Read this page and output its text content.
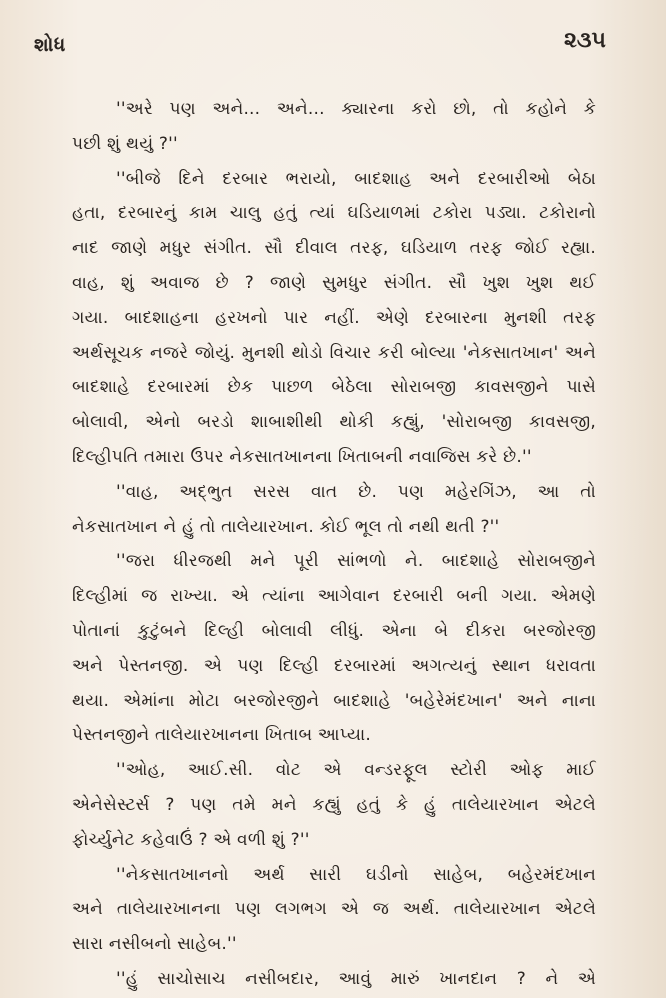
શોધ	૨૩૫
''અરે પણ અને... અને... ક્યારના કરો છો, તો કહોને કે
પછી શું થયું ?''
''બીજે દિને દરબાર ભરાયો, બાદશાહ અને દરબારીઓ બેઠા
હતા, દરબારનું કામ ચાલુ હતું ત્યાં ઘડિયાળમાં ટકોરા પડ્યા. ટકોરાનો
નાદ જાણે મધુર સંગીત. સૌ દીવાલ તરફ, ઘડિયાળ તરફ જોઈ રહ્યા.
વાહ, શું અવાજ છે ? જાણે સુમધુર સંગીત. સૌ ખુશ ખુશ થઈ
ગયા. બાદશાહના હરખનો પાર નહીં. એણે દરબારના મુનશી તરફ
અર્થસૂચક નજરે જોયું. મુનશી થોડો વિચાર કરી બોલ્યા 'નેકસાતખાન' અને
બાદશાહે દરબારમાં છેક પાછળ બેઠેલા સોરાબજી કાવસજીને પાસે
બોલાવી, એનો બરડો શાબાશીથી થોકી કહ્યું, 'સોરાબજી કાવસજી,
દિલ્હીપતિ તમારા ઉપર નેકસાતખાનના ખિતાબની નવાજિસ કરે છે.''
''વાહ, અદ્ભુત સરસ વાત છે. પણ મહેરગિંઝ, આ તો
નેકસાતખાન ને હું તો તાલેયારખાન. કોઈ ભૂલ તો નથી થતી ?''
''જરા ધીરજથી મને પૂરી સાંભળો ને. બાદશાહે સોરાબજીને
દિલ્હીમાં જ રાખ્યા. એ ત્યાંના આગેવાન દરબારી બની ગયા. એમણે
પોતાનાં કુટુંબને દિલ્હી બોલાવી લીધું. એના બે દીકરા બરજોરજી
અને પેસ્તનજી. એ પણ દિલ્હી દરબારમાં અગત્યનું સ્થાન ધરાવતા
થયા. એમાંના મોટા બરજોરજીને બાદશાહે 'બહેરેમંદખાન' અને નાના
પેસ્તનજીને તાલેયારખાનના ખિતાબ આપ્યા.
''ઓહ, આઈ.સી. વોટ એ વન્ડરફૂલ સ્ટોરી ઓફ માઈ
એનેસેસ્ટર્સ ? પણ તમે મને કહ્યું હતું કે હું તાલેયારખાન એટલે
ફોર્ચ્યુનેટ કહેવાઉં ? એ વળી શું ?''
''નેકસાતખાનનો અર્થ સારી ઘડીનો સાહેબ, બહેરમંદખાન
અને તાલેયારખાનના પણ લગભગ એ જ અર્થ. તાલેયારખાન એટલે
સારા નસીબનો સાહેબ.''
''હું સાચોસાચ નસીબદાર, આવું મારું ખાનદાન ? ને એ
